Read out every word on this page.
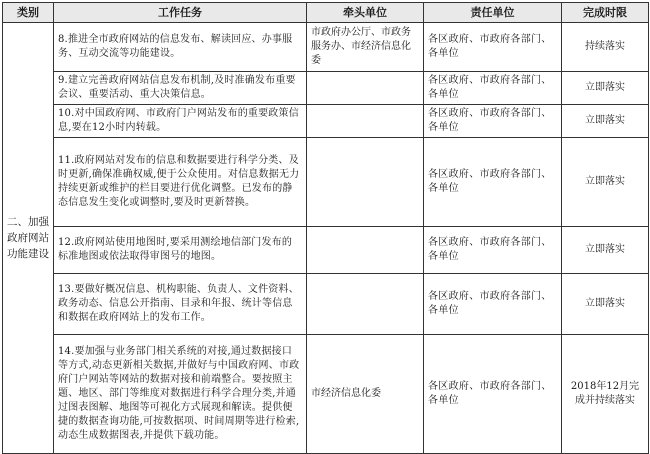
类别	工作任务	牵头单位	责任单位	完成时限
二、加强政府网站功能建设	8.推进全市政府网站的信息发布、解读回应、办事服务、互动交流等功能建设。	市政府办公厅、市政务服务办、市经济信息化委	各区政府、市政府各部门、各单位	持续落实
	9.建立完善政府网站信息发布机制,及时准确发布重要会议、重要活动、重大决策信息。		各区政府、市政府各部门、各单位	立即落实
	10.对中国政府网、市政府门户网站发布的重要政策信息,要在12小时内转载。		各区政府、市政府各部门、各单位	立即落实
	11.政府网站对发布的信息和数据要进行科学分类、及时更新,确保准确权威,便于公众使用。对信息数据无力持续更新或维护的栏目要进行优化调整。已发布的静态信息发生变化或调整时,要及时更新替换。		各区政府、市政府各部门、各单位	立即落实
	12.政府网站使用地图时,要采用测绘地信部门发布的标准地图或依法取得审图号的地图。		各区政府、市政府各部门、各单位	立即落实
	13.要做好概况信息、机构职能、负责人、文件资料、政务动态、信息公开指南、目录和年报、统计等信息和数据在政府网站上的发布工作。		各区政府、市政府各部门、各单位	立即落实
	14.要加强与业务部门相关系统的对接,通过数据接口等方式,动态更新相关数据,并做好与中国政府网、市政府门户网站等网站的数据对接和前端整合。要按照主题、地区、部门等维度对数据进行科学合理分类,并通过图表图解、地图等可视化方式展现和解读。提供便捷的数据查询功能,可按数据项、时间周期等进行检索,动态生成数据图表,并提供下载功能。	市经济信息化委	各区政府、市政府各部门、各单位	2018年12月完成并持续落实
